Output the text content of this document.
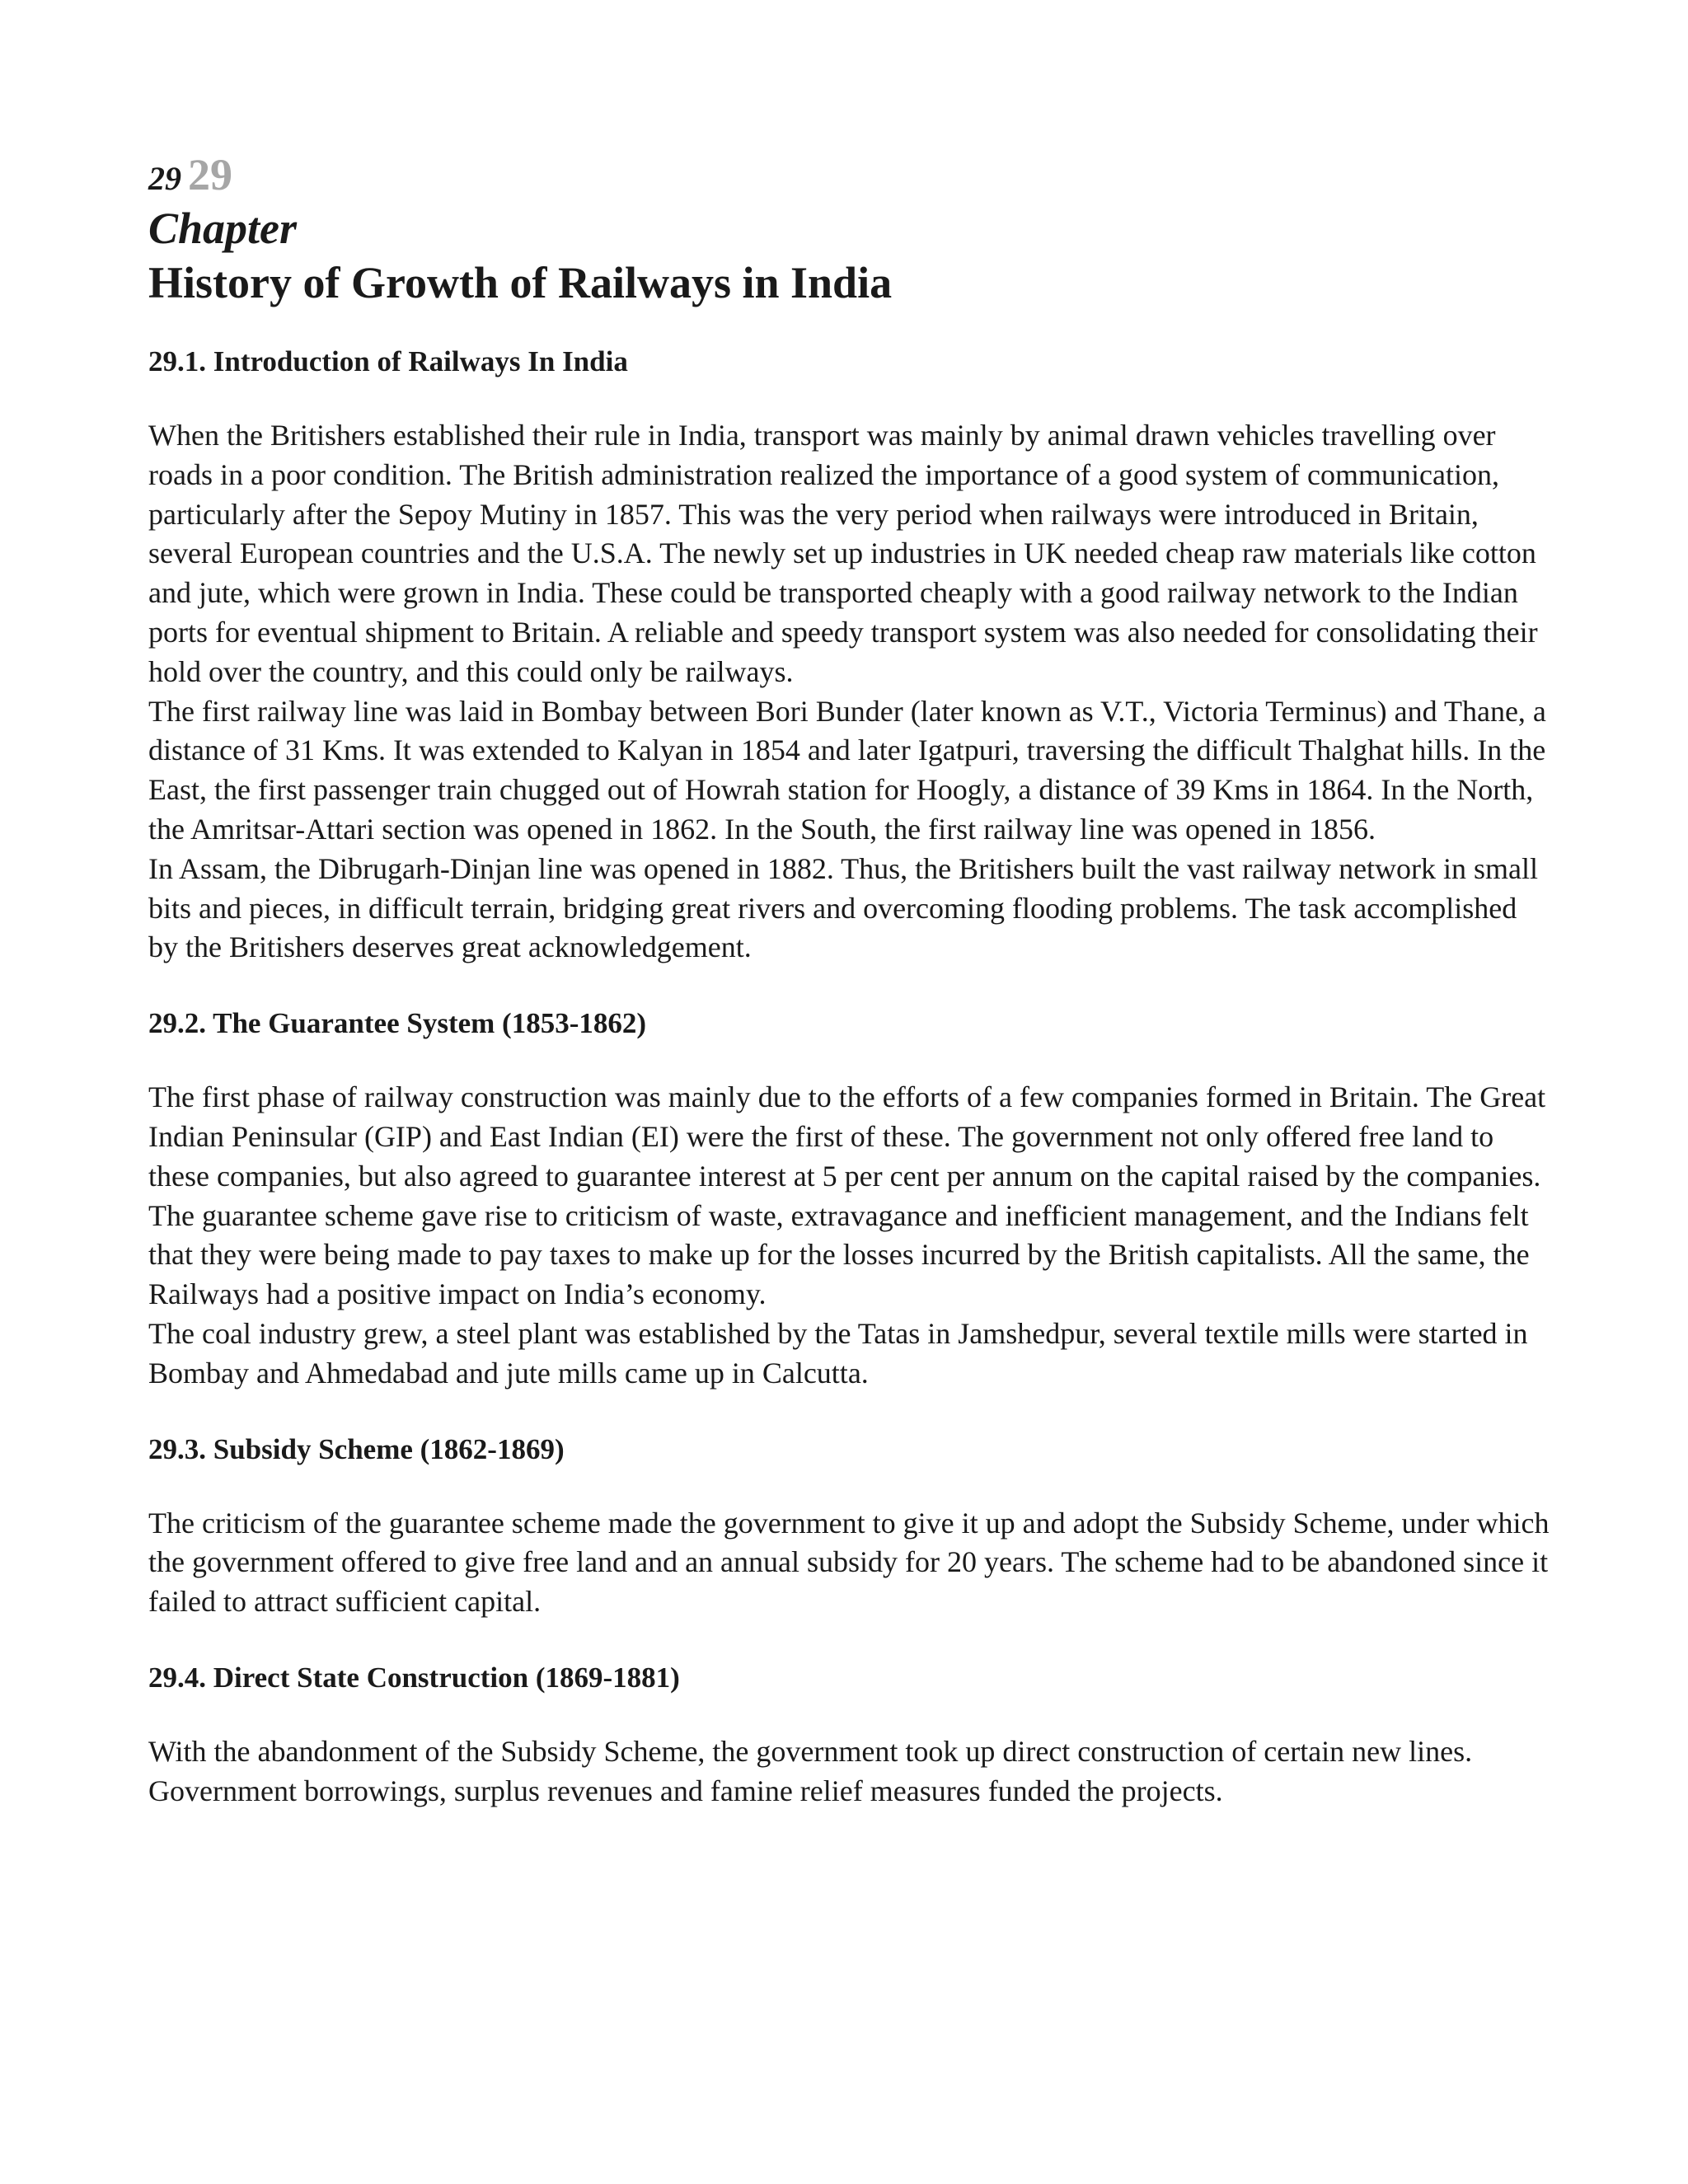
29 29
Chapter
History of Growth of Railways in India
29.1. Introduction of Railways In India

When the Britishers established their rule in India, transport was mainly by animal drawn vehicles travelling over roads in a poor condition. The British administration realized the importance of a good system of communication, particularly after the Sepoy Mutiny in 1857. This was the very period when railways were introduced in Britain, several European countries and the U.S.A. The newly set up industries in UK needed cheap raw materials like cotton and jute, which were grown in India. These could be transported cheaply with a good railway network to the Indian ports for eventual shipment to Britain. A reliable and speedy transport system was also needed for consolidating their hold over the country, and this could only be railways.

The first railway line was laid in Bombay between Bori Bunder (later known as V.T., Victoria Terminus) and Thane, a distance of 31 Kms. It was extended to Kalyan in 1854 and later Igatpuri, traversing the difficult Thalghat hills. In the East, the first passenger train chugged out of Howrah station for Hoogly, a distance of 39 Kms in 1864. In the North, the Amritsar-Attari section was opened in 1862. In the South, the first railway line was opened in 1856.

In Assam, the Dibrugarh-Dinjan line was opened in 1882. Thus, the Britishers built the vast railway network in small bits and pieces, in difficult terrain, bridging great rivers and overcoming flooding problems. The task accomplished by the Britishers deserves great acknowledgement.

29.2. The Guarantee System (1853-1862)

The first phase of railway construction was mainly due to the efforts of a few companies formed in Britain. The Great Indian Peninsular (GIP) and East Indian (EI) were the first of these. The government not only offered free land to these companies, but also agreed to guarantee interest at 5 per cent per annum on the capital raised by the companies. The guarantee scheme gave rise to criticism of waste, extravagance and inefficient management, and the Indians felt that they were being made to pay taxes to make up for the losses incurred by the British capitalists. All the same, the Railways had a positive impact on India’s economy.

The coal industry grew, a steel plant was established by the Tatas in Jamshedpur, several textile mills were started in Bombay and Ahmedabad and jute mills came up in Calcutta.

29.3. Subsidy Scheme (1862-1869)

The criticism of the guarantee scheme made the government to give it up and adopt the Subsidy Scheme, under which the government offered to give free land and an annual subsidy for 20 years. The scheme had to be abandoned since it failed to attract sufficient capital.

29.4. Direct State Construction (1869-1881)

With the abandonment of the Subsidy Scheme, the government took up direct construction of certain new lines. Government borrowings, surplus revenues and famine relief measures funded the projects.
